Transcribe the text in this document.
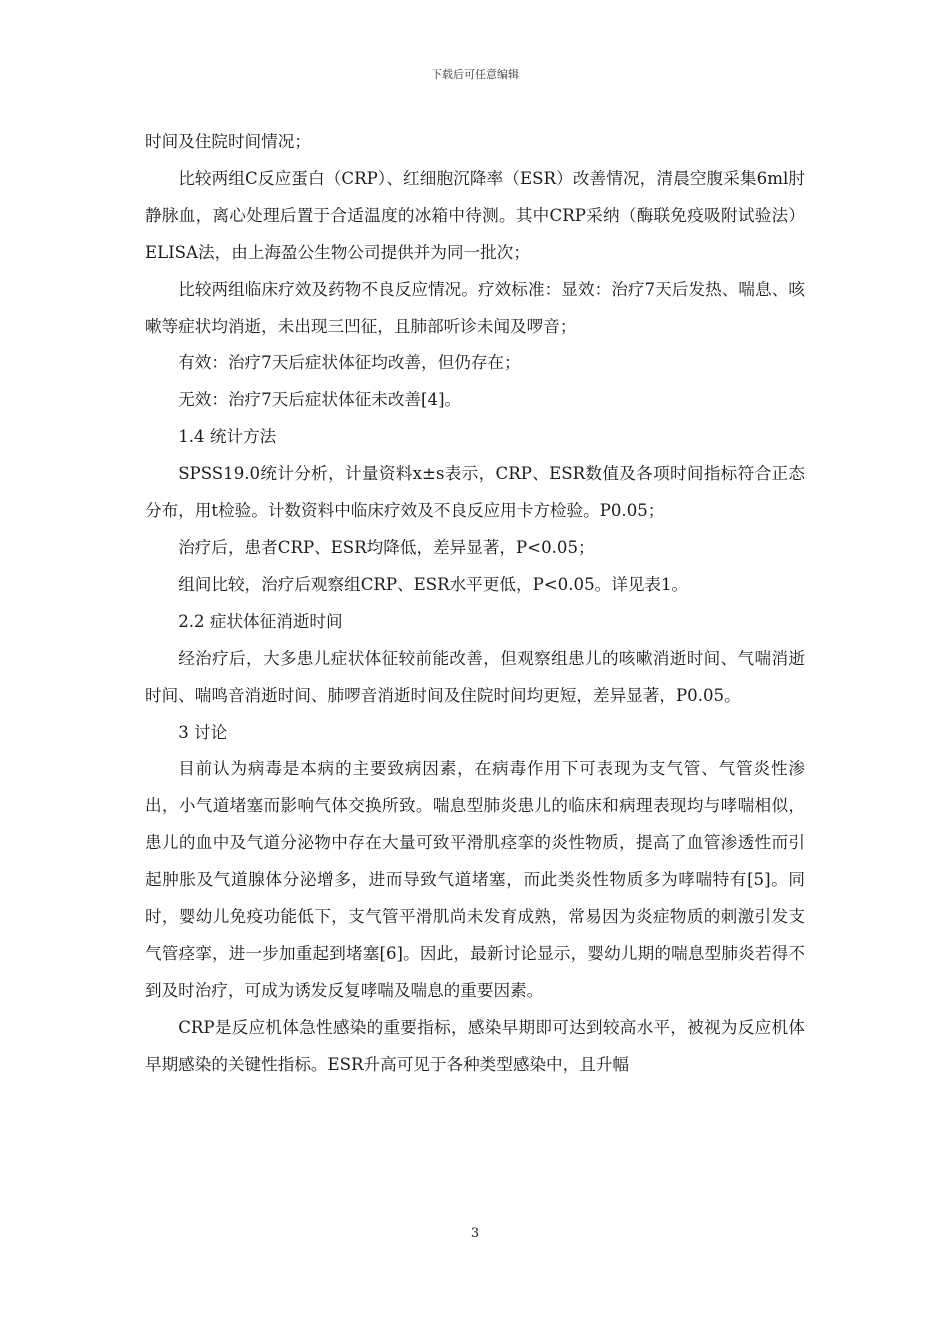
下载后可任意编辑

时间及住院时间情况；

比较两组C反应蛋白（CRP）、红细胞沉降率（ESR）改善情况，清晨空腹采集6ml肘静脉血，离心处理后置于合适温度的冰箱中待测。其中CRP采纳（酶联免疫吸附试验法）ELISA法，由上海盈公生物公司提供并为同一批次；

比较两组临床疗效及药物不良反应情况。疗效标准：显效：治疗7天后发热、喘息、咳嗽等症状均消逝，未出现三凹征，且肺部听诊未闻及啰音；

有效：治疗7天后症状体征均改善，但仍存在；

无效：治疗7天后症状体征未改善[4]。

1.4 统计方法

SPSS19.0统计分析，计量资料x±s表示，CRP、ESR数值及各项时间指标符合正态分布，用t检验。计数资料中临床疗效及不良反应用卡方检验。P0.05；

治疗后，患者CRP、ESR均降低，差异显著，P<0.05；

组间比较，治疗后观察组CRP、ESR水平更低，P<0.05。详见表1。

2.2 症状体征消逝时间

经治疗后，大多患儿症状体征较前能改善，但观察组患儿的咳嗽消逝时间、气喘消逝时间、喘鸣音消逝时间、肺啰音消逝时间及住院时间均更短，差异显著，P0.05。

3 讨论

目前认为病毒是本病的主要致病因素，在病毒作用下可表现为支气管、气管炎性渗出，小气道堵塞而影响气体交换所致。喘息型肺炎患儿的临床和病理表现均与哮喘相似，患儿的血中及气道分泌物中存在大量可致平滑肌痉挛的炎性物质，提高了血管渗透性而引起肿胀及气道腺体分泌增多，进而导致气道堵塞，而此类炎性物质多为哮喘特有[5]。同时，婴幼儿免疫功能低下，支气管平滑肌尚未发育成熟，常易因为炎症物质的刺激引发支气管痉挛，进一步加重起到堵塞[6]。因此，最新讨论显示，婴幼儿期的喘息型肺炎若得不到及时治疗，可成为诱发反复哮喘及喘息的重要因素。

CRP是反应机体急性感染的重要指标，感染早期即可达到较高水平，被视为反应机体早期感染的关键性指标。ESR升高可见于各种类型感染中，且升幅

3
